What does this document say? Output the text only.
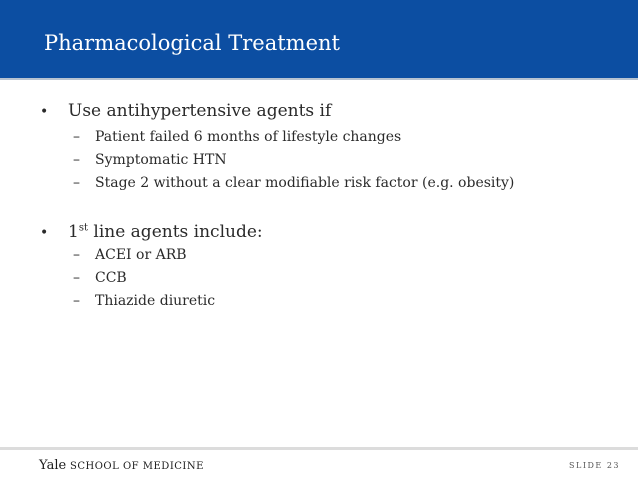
Pharmacological Treatment
• Use antihypertensive agents if
– Patient failed 6 months of lifestyle changes
– Symptomatic HTN
– Stage 2 without a clear modifiable risk factor (e.g. obesity)
• 1st line agents include:
– ACEI or ARB
– CCB
– Thiazide diuretic
Yale SCHOOL OF MEDICINE	SLIDE 23
